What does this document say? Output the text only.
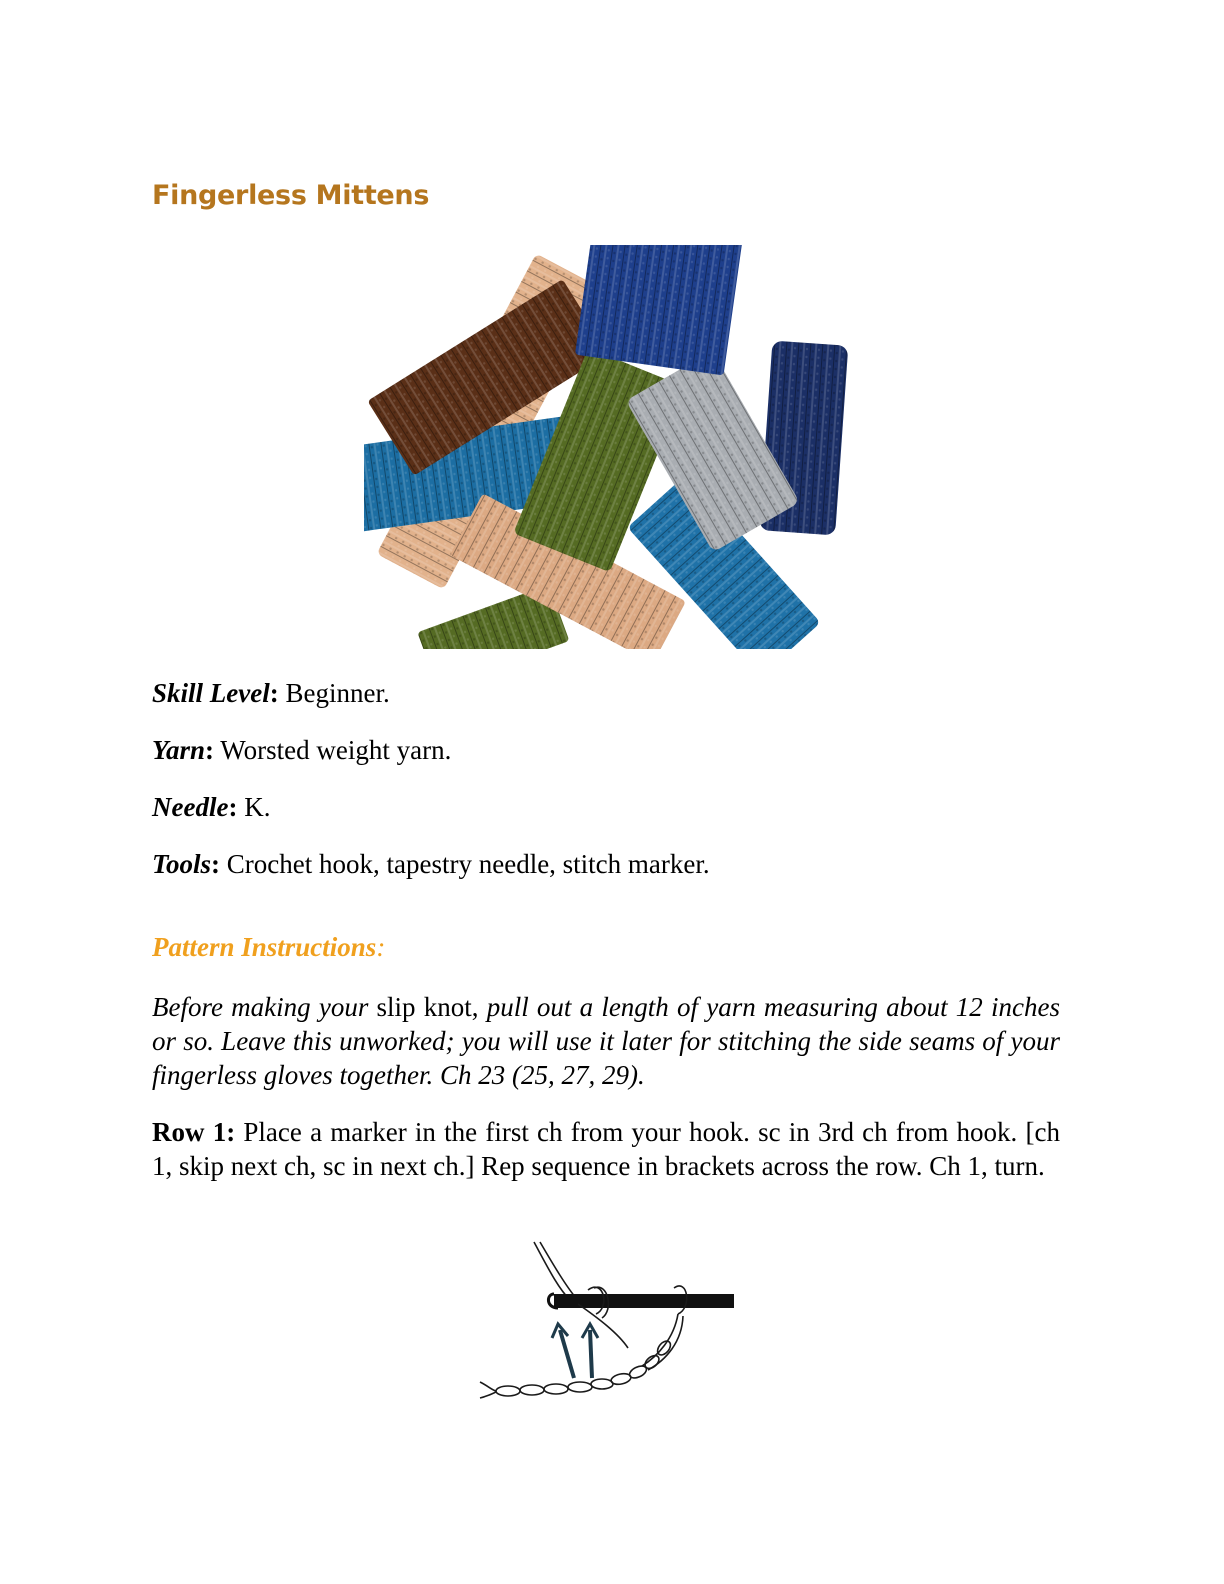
Fingerless Mittens
Skill Level: Beginner.
Yarn: Worsted weight yarn.
Needle: K.
Tools: Crochet hook, tapestry needle, stitch marker.
Pattern Instructions:

Before making your slip knot, pull out a length of yarn measuring about 12 inches or so. Leave this unworked; you will use it later for stitching the side seams of your fingerless gloves together. Ch 23 (25, 27, 29).

Row 1: Place a marker in the first ch from your hook. sc in 3rd ch from hook. [ch 1, skip next ch, sc in next ch.] Rep sequence in brackets across the row. Ch 1, turn.
